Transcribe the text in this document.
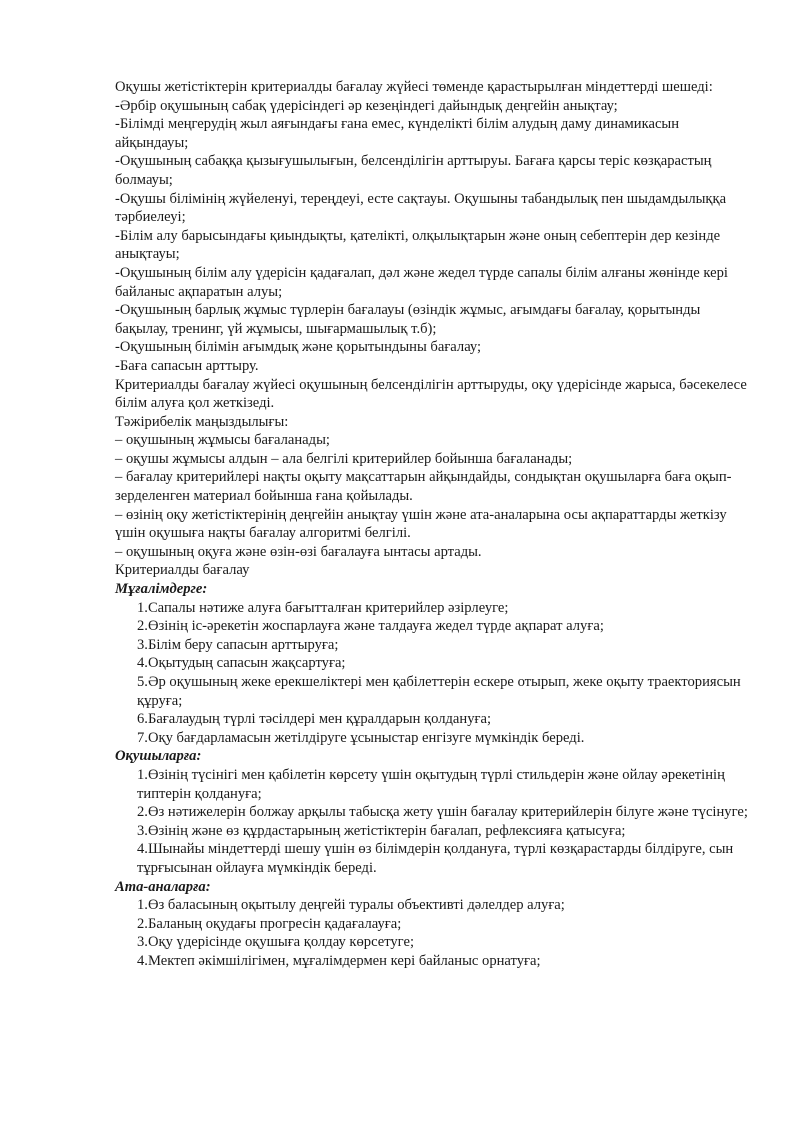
Оқушы жетістіктерін критериалды бағалау жүйесі төменде қарастырылған міндеттерді шешеді:

-Әрбір оқушының сабақ үдерісіндегі әр кезеңіндегі дайындық деңгейін анықтау;

-Білімді меңгерудің жыл аяғындағы ғана емес, күнделікті білім алудың даму динамикасын айқындауы;

-Оқушының сабаққа қызығушылығын, белсенділігін арттыруы. Бағаға қарсы теріс көзқарастың болмауы;

-Оқушы білімінің жүйеленуі, тереңдеуі, есте сақтауы. Оқушыны табандылық пен шыдамдылыққа тәрбиелеуі;

-Білім алу барысындағы қиындықты, қателікті, олқылықтарын және оның себептерін дер кезінде анықтауы;

-Оқушының білім алу үдерісін қадағалап, дәл және жедел түрде сапалы білім алғаны жөнінде кері байланыс ақпаратын алуы;

-Оқушының барлық жұмыс түрлерін бағалауы (өзіндік жұмыс, ағымдағы бағалау, қорытынды бақылау, тренинг, үй жұмысы, шығармашылық т.б);

-Оқушының білімін ағымдық және қорытындыны бағалау;

-Баға сапасын арттыру.

Критериалды бағалау жүйесі оқушының белсенділігін арттыруды, оқу үдерісінде жарыса, бәсекелесе білім алуға қол жеткізеді.

Тәжірибелік маңыздылығы:

– оқушының жұмысы бағаланады;

– оқушы жұмысы алдын – ала белгілі критерийлер бойынша бағаланады;

– бағалау критерийлері нақты оқыту мақсаттарын айқындайды, сондықтан оқушыларға баға оқып- зерделенген материал бойынша ғана қойылады.

– өзінің оқу жетістіктерінің деңгейін анықтау үшін және ата-аналарына осы ақпараттарды жеткізу үшін оқушыға нақты бағалау алгоритмі белгілі.

– оқушының оқуға және өзін-өзі бағалауға ынтасы артады.

Критериалды бағалау

Мұғалімдерге:

1.Сапалы нәтиже алуға бағытталған критерийлер әзірлеуге;

2.Өзінің іс-әрекетін жоспарлауға және талдауға жедел түрде ақпарат алуға;

3.Білім беру сапасын арттыруға;

4.Оқытудың сапасын жақсартуға;

5.Әр оқушының жеке ерекшеліктері мен қабілеттерін ескере отырып, жеке оқыту траекториясын құруға;

6.Бағалаудың түрлі тәсілдері мен құралдарын қолдануға;

7.Оқу бағдарламасын жетілдіруге ұсыныстар енгізуге мүмкіндік береді.

Оқушыларға:

1.Өзінің түсінігі мен қабілетін көрсету үшін оқытудың түрлі стильдерін және ойлау әрекетінің типтерін қолдануға;

2.Өз нәтижелерін болжау арқылы табысқа жету үшін бағалау критерийлерін білуге және түсінуге;

3.Өзінің және өз құрдастарының жетістіктерін бағалап, рефлексияға қатысуға;

4.Шынайы міндеттерді шешу үшін өз білімдерін қолдануға, түрлі көзқарастарды білдіруге, сын тұрғысынан ойлауға мүмкіндік береді.

Ата-аналарға:

1.Өз баласының оқытылу деңгейі туралы объективті дәлелдер алуға;

2.Баланың оқудағы прогресін қадағалауға;

3.Оқу үдерісінде оқушыға қолдау көрсетуге;

4.Мектеп әкімшілігімен, мұғалімдермен кері байланыс орнатуға;
